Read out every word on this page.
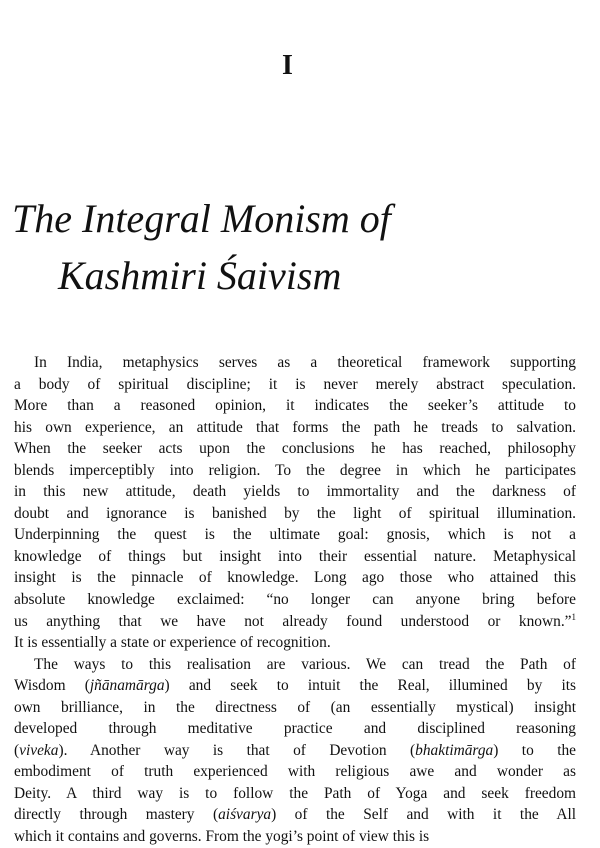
I
The Integral Monism of
Kashmiri Śaivism
In India, metaphysics serves as a theoretical framework supporting
a body of spiritual discipline; it is never merely abstract speculation.
More than a reasoned opinion, it indicates the seeker’s attitude to
his own experience, an attitude that forms the path he treads to salvation.
When the seeker acts upon the conclusions he has reached, philosophy
blends imperceptibly into religion. To the degree in which he participates
in this new attitude, death yields to immortality and the darkness of
doubt and ignorance is banished by the light of spiritual illumination.
Underpinning the quest is the ultimate goal: gnosis, which is not a
knowledge of things but insight into their essential nature. Metaphysical
insight is the pinnacle of knowledge. Long ago those who attained this
absolute knowledge exclaimed: “no longer can anyone bring before
us anything that we have not already found understood or known.”$^1$
It is essentially a state or experience of recognition.
The ways to this realisation are various. We can tread the Path of
Wisdom (jñānamārga) and seek to intuit the Real, illumined by its
own brilliance, in the directness of (an essentially mystical) insight
developed through meditative practice and disciplined reasoning
(viveka). Another way is that of Devotion (bhaktimārga) to the
embodiment of truth experienced with religious awe and wonder as
Deity. A third way is to follow the Path of Yoga and seek freedom
directly through mastery (aiśvarya) of the Self and with it the All
which it contains and governs. From the yogi’s point of view this is
